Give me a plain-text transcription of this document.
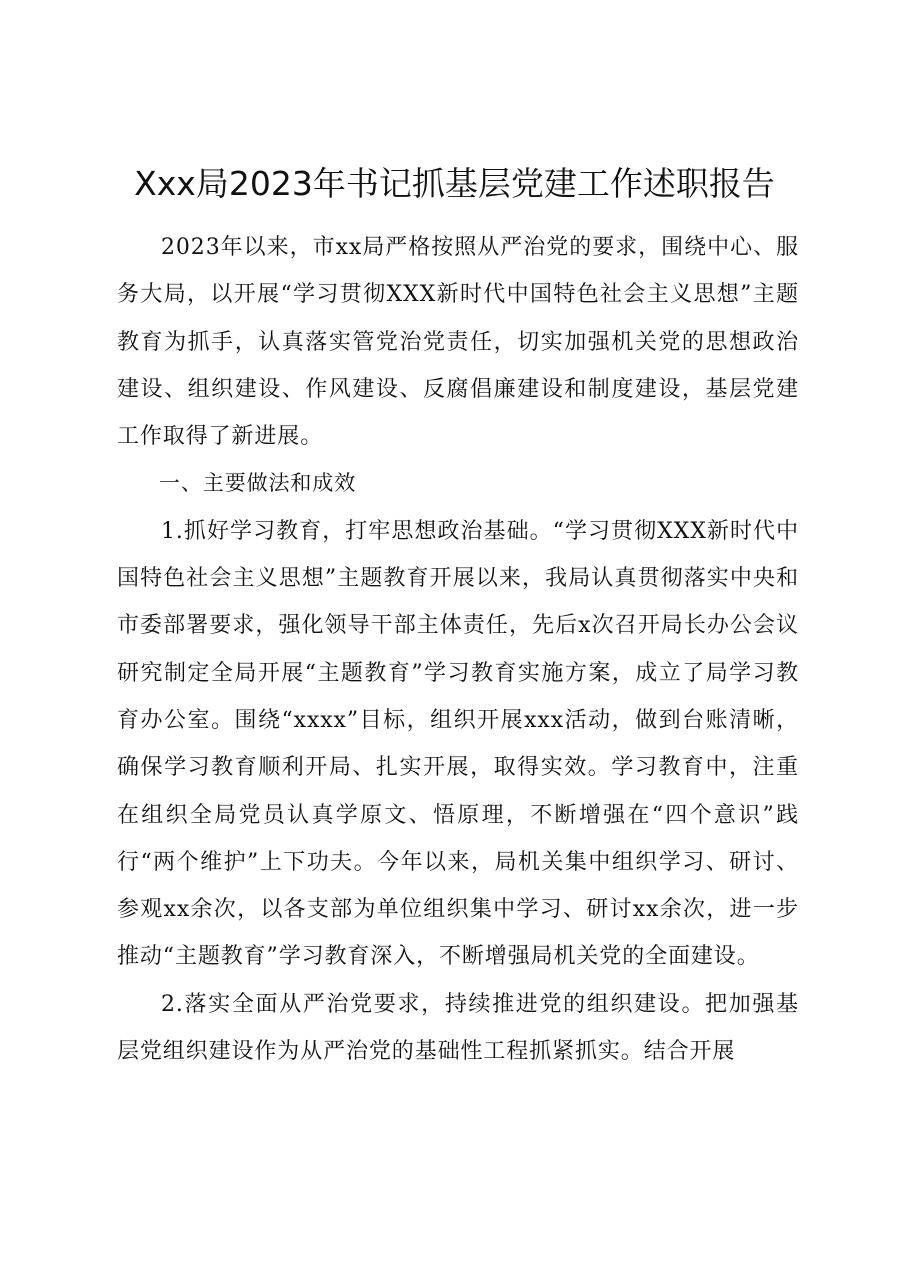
Xxx局2023年书记抓基层党建工作述职报告

2023年以来，市xx局严格按照从严治党的要求，围绕中心、服务大局，以开展“学习贯彻XXX新时代中国特色社会主义思想”主题教育为抓手，认真落实管党治党责任，切实加强机关党的思想政治建设、组织建设、作风建设、反腐倡廉建设和制度建设，基层党建工作取得了新进展。

一、主要做法和成效

1.抓好学习教育，打牢思想政治基础。“学习贯彻XXX新时代中国特色社会主义思想”主题教育开展以来，我局认真贯彻落实中央和市委部署要求，强化领导干部主体责任，先后x次召开局长办公会议研究制定全局开展“主题教育”学习教育实施方案，成立了局学习教育办公室。围绕“xxxx”目标，组织开展xxx活动，做到台账清晰，确保学习教育顺利开局、扎实开展，取得实效。学习教育中，注重在组织全局党员认真学原文、悟原理，不断增强在“四个意识”践行“两个维护”上下功夫。今年以来，局机关集中组织学习、研讨、参观xx余次，以各支部为单位组织集中学习、研讨xx余次，进一步推动“主题教育”学习教育深入，不断增强局机关党的全面建设。

2.落实全面从严治党要求，持续推进党的组织建设。把加强基层党组织建设作为从严治党的基础性工程抓紧抓实。结合开展
